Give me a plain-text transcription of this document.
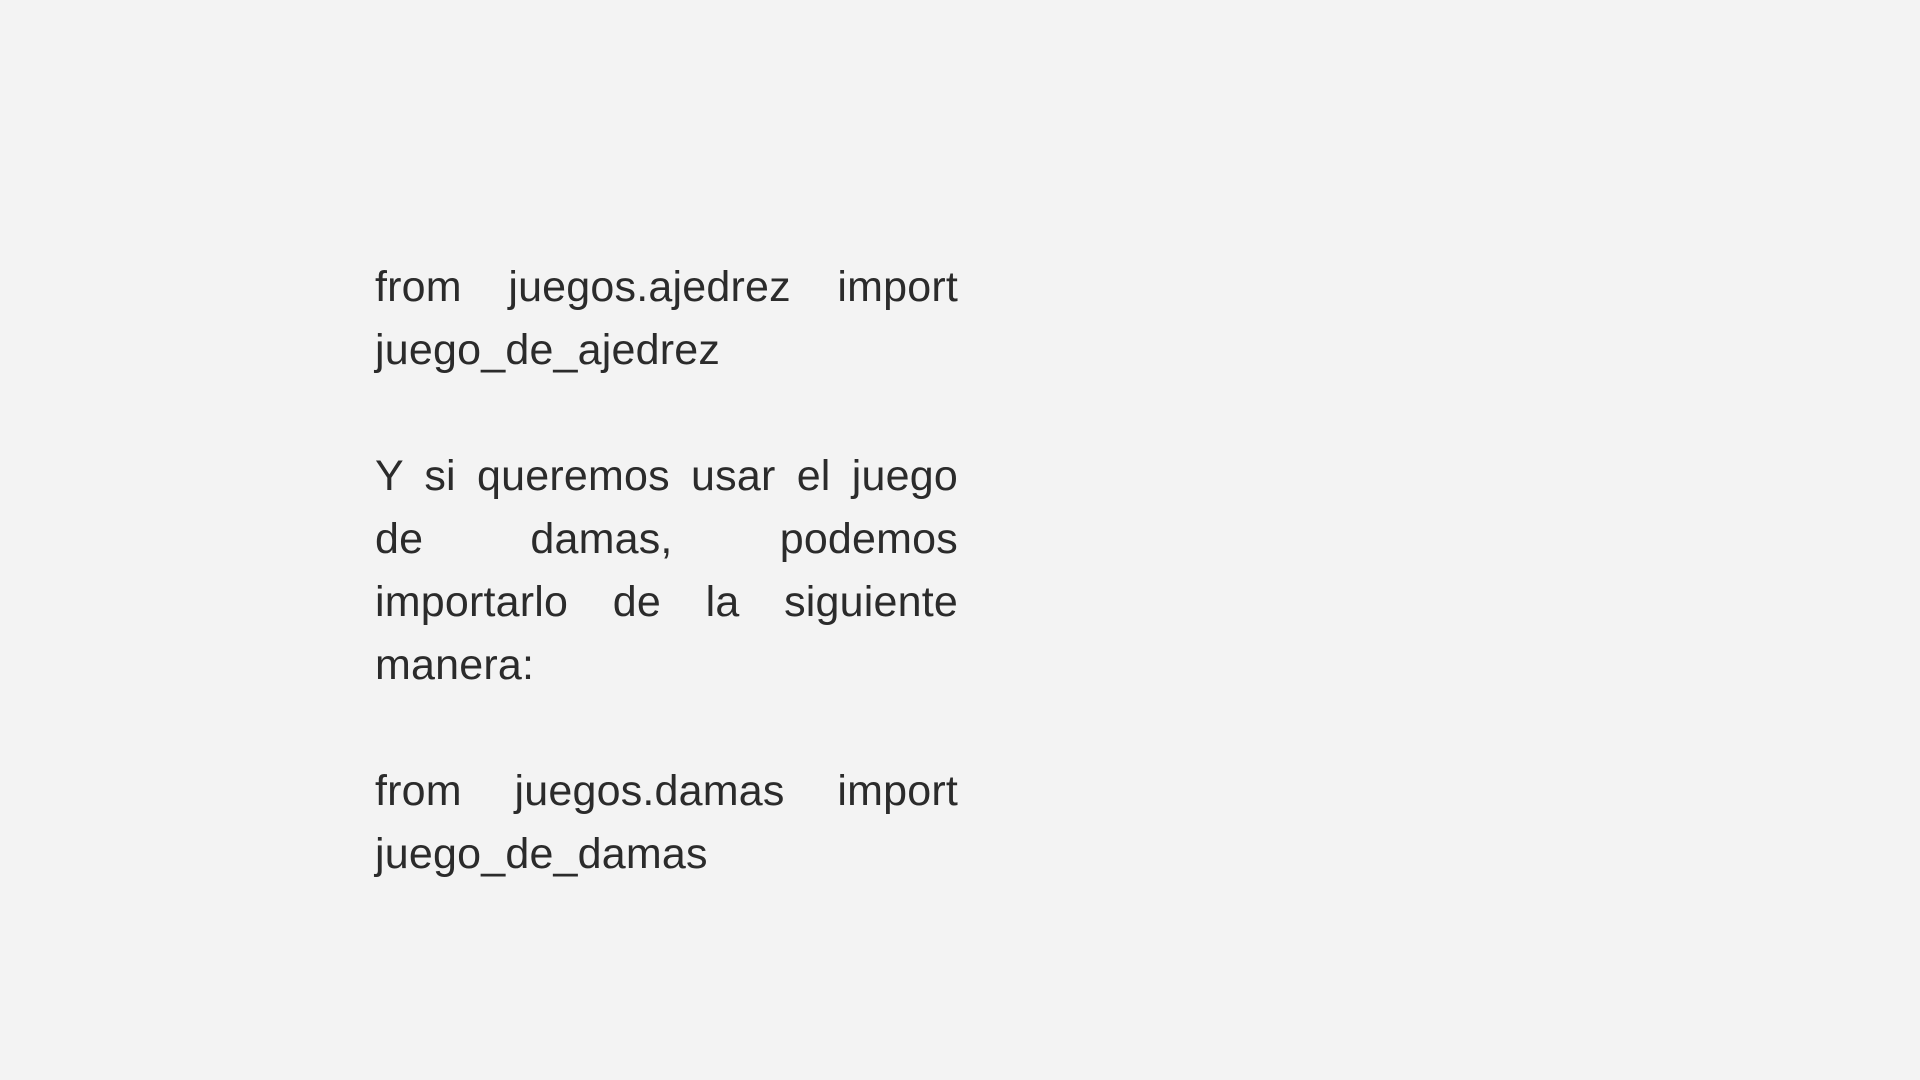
from juegos.ajedrez import juego_de_ajedrez

Y si queremos usar el juego de damas, podemos importarlo de la siguiente manera:

from juegos.damas import juego_de_damas
